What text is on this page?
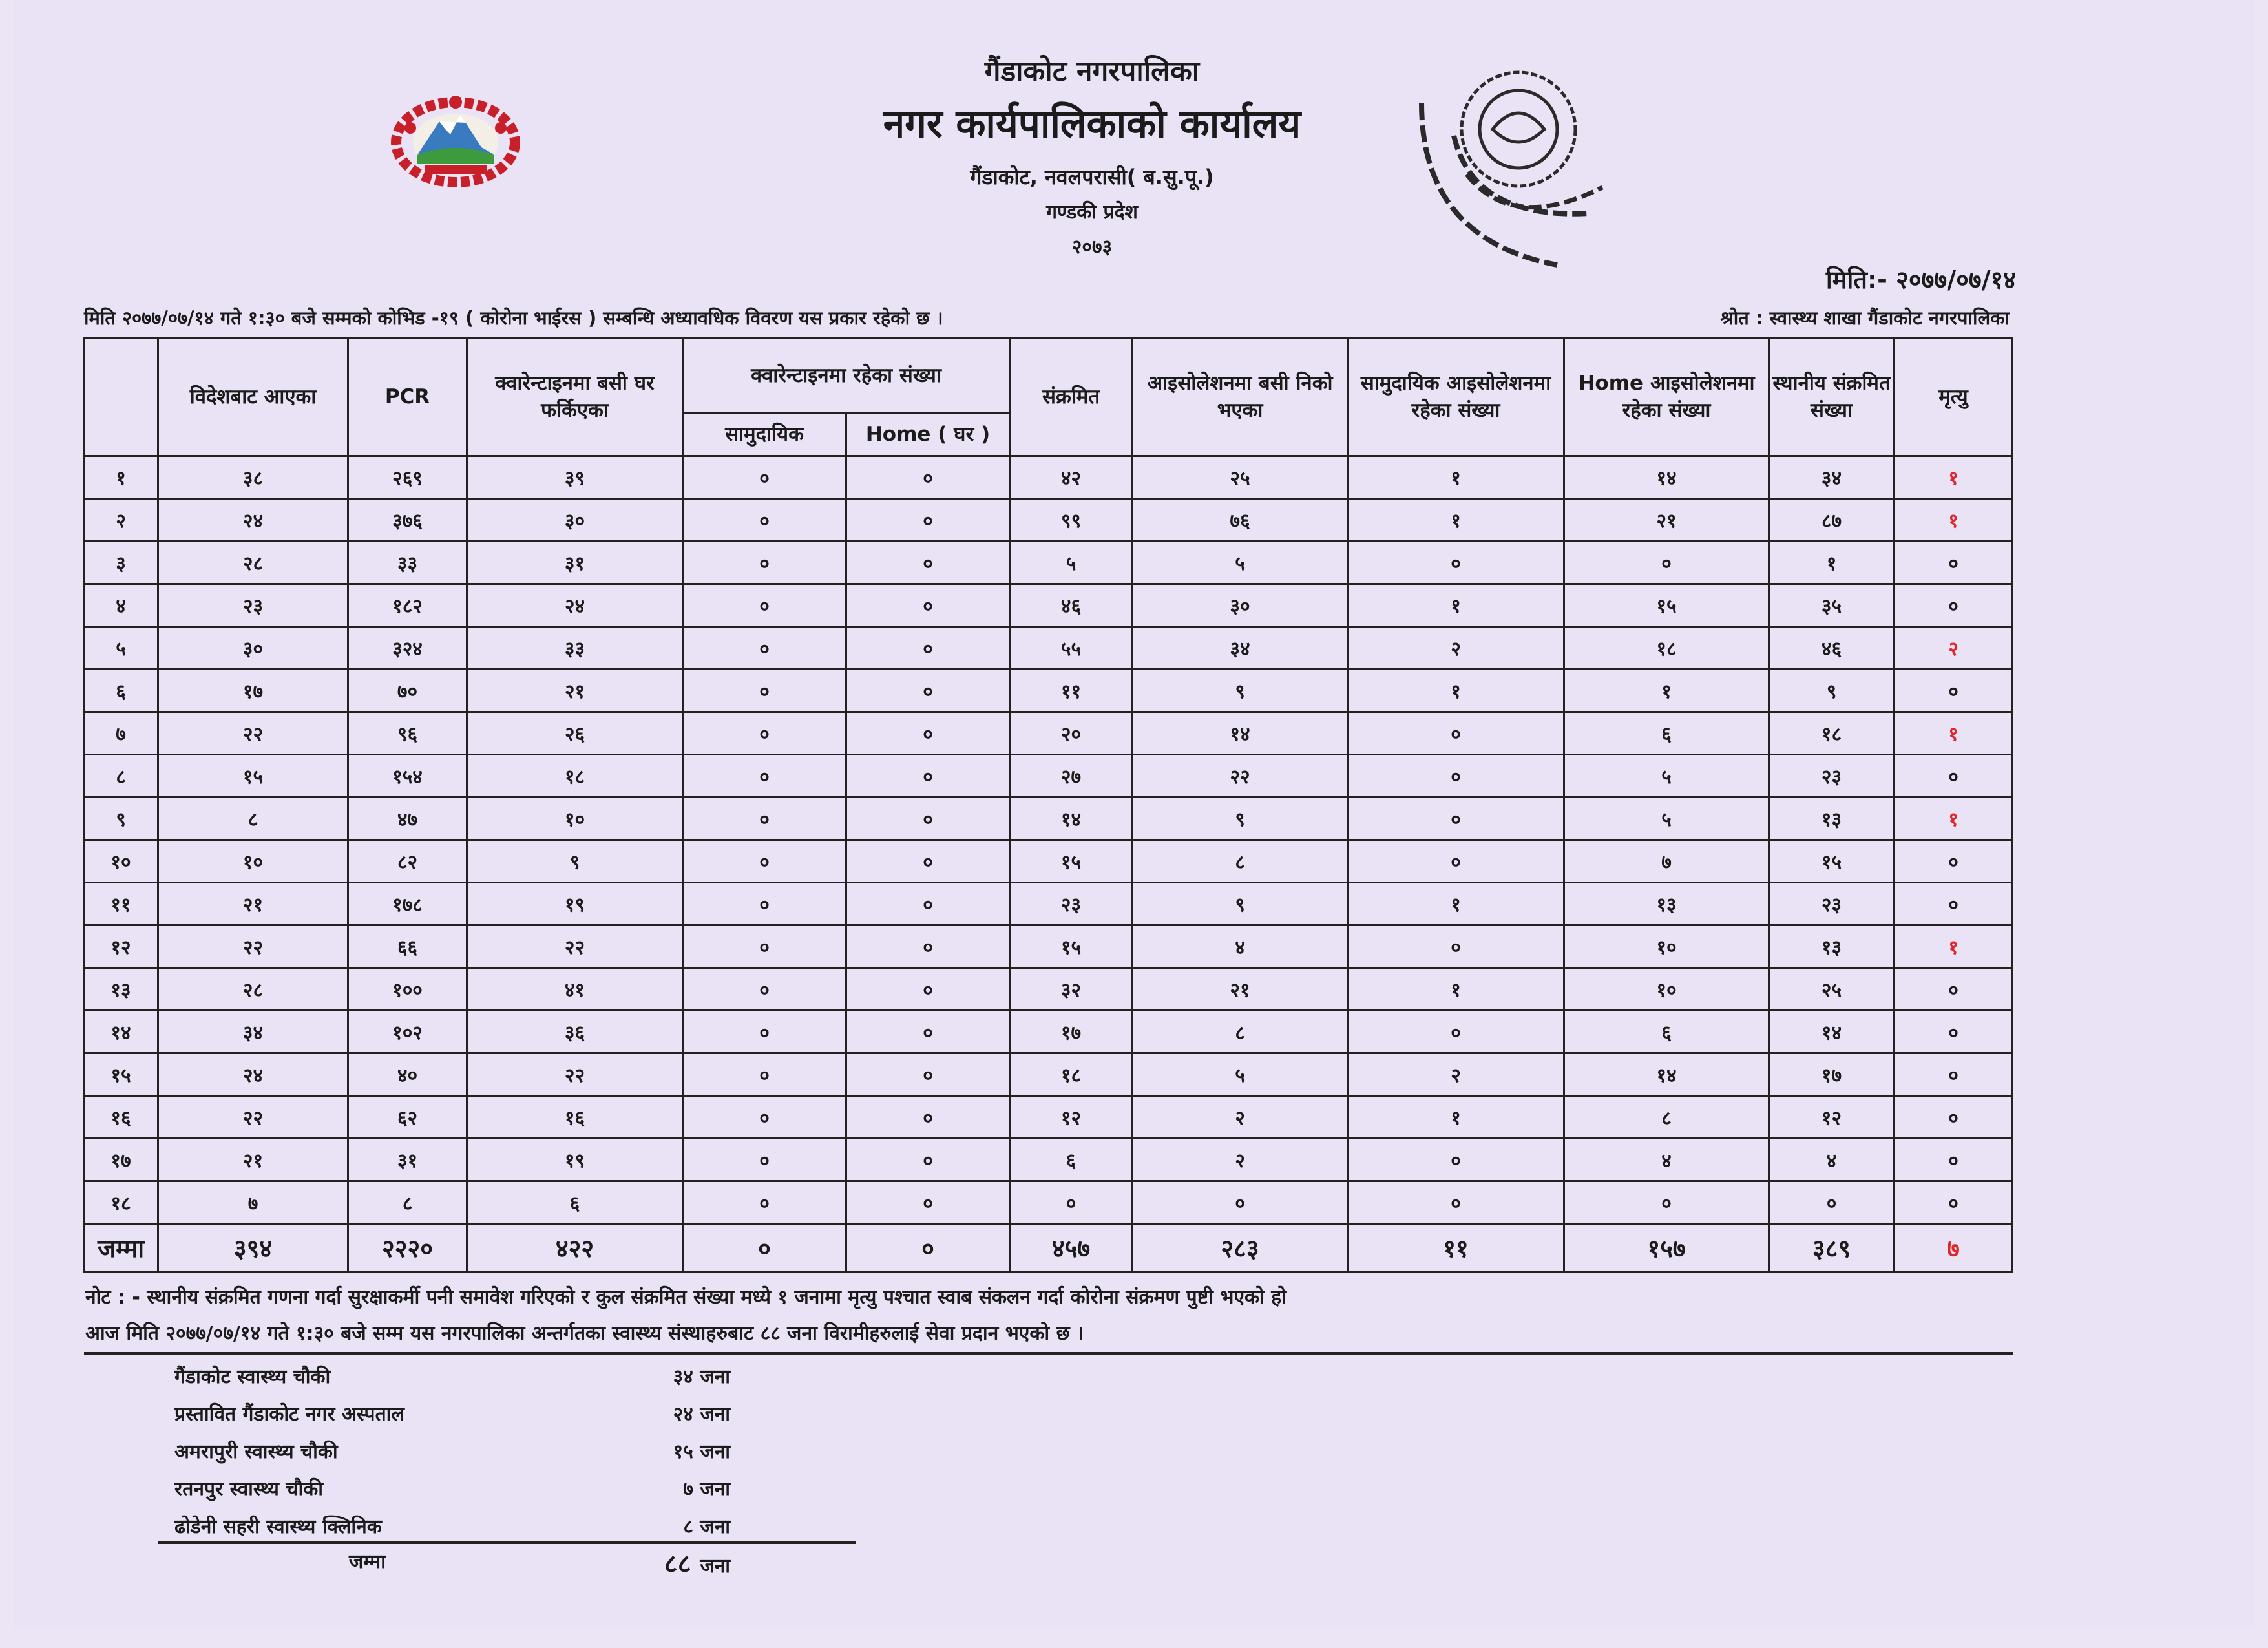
गैंडाकोट नगरपालिका
नगर कार्यपालिकाको कार्यालय
गैंडाकोट, नवलपरासी( ब.सु.पू.)
गण्डकी प्रदेश
२०७३
गैंडाकोट नगरपालिका नगर कार्यपालिकाको कार्यालय गैंडाकोट, नवलपरासी गण्डकी प्रदेश, नेपाल २०७३
मिति:- २०७७/०७/१४
मिति २०७७/०७/१४ गते १:३० बजे सम्मको कोभिड -१९ ( कोरोना भाईरस ) सम्बन्धि अध्यावधिक विवरण यस प्रकार रहेको छ ।	श्रोत : स्वास्थ्य शाखा गैंडाकोट नगरपालिका
	विदेशबाट आएका	PCR	क्वारेन्टाइनमा बसी घर फर्किएका	क्वारेन्टाइनमा रहेका संख्या		संक्रमित	आइसोलेशनमा बसी निको भएका	सामुदायिक आइसोलेशनमा रहेका संख्या	Home आइसोलेशनमा रहेका संख्या	स्थानीय संक्रमित संख्या	मृत्यु
				सामुदायिक	Home ( घर )						
१	३८	२६९	३९	०	०	४२	२५	१	१४	३४	१
२	२४	३७६	३०	०	०	९९	७६	१	२१	८७	१
३	२८	३३	३१	०	०	५	५	०	०	१	०
४	२३	१८२	२४	०	०	४६	३०	१	१५	३५	०
५	३०	३२४	३३	०	०	५५	३४	२	१८	४६	२
६	१७	७०	२१	०	०	११	९	१	१	९	०
७	२२	९६	२६	०	०	२०	१४	०	६	१८	१
८	१५	१५४	१८	०	०	२७	२२	०	५	२३	०
९	८	४७	१०	०	०	१४	९	०	५	१३	१
१०	१०	८२	९	०	०	१५	८	०	७	१५	०
११	२१	१७८	१९	०	०	२३	९	१	१३	२३	०
१२	२२	६६	२२	०	०	१५	४	०	१०	१३	१
१३	२८	१००	४१	०	०	३२	२१	१	१०	२५	०
१४	३४	१०२	३६	०	०	१७	८	०	६	१४	०
१५	२४	४०	२२	०	०	१८	५	२	१४	१७	०
१६	२२	६२	१६	०	०	१२	२	१	८	१२	०
१७	२१	३१	१९	०	०	६	२	०	४	४	०
१८	७	८	६	०	०	०	०	०	०	०	०
जम्मा	३९४	२२२०	४२२	०	०	४५७	२८३	११	१५७	३८९	७
नोट : - स्थानीय संक्रमित गणना गर्दा सुरक्षाकर्मी पनी समावेश गरिएको र कुल संक्रमित संख्या मध्ये १ जनामा मृत्यु पश्चात स्वाब संकलन गर्दा कोरोना संक्रमण पुष्टी भएको हो
आज मिति २०७७/०७/१४ गते १:३० बजे सम्म यस नगरपालिका अन्तर्गतका स्वास्थ्य संस्थाहरुबाट ८८ जना विरामीहरुलाई सेवा प्रदान भएको छ ।
गैंडाकोट स्वास्थ्य चौकी	३४ जना
प्रस्तावित गैंडाकोट नगर अस्पताल	२४ जना
अमरापुरी स्वास्थ्य चौकी	१५ जना
रतनपुर स्वास्थ्य चौकी	७ जना
ढोडेनी सहरी स्वास्थ्य क्लिनिक	८ जना
जम्मा	८८ जना
